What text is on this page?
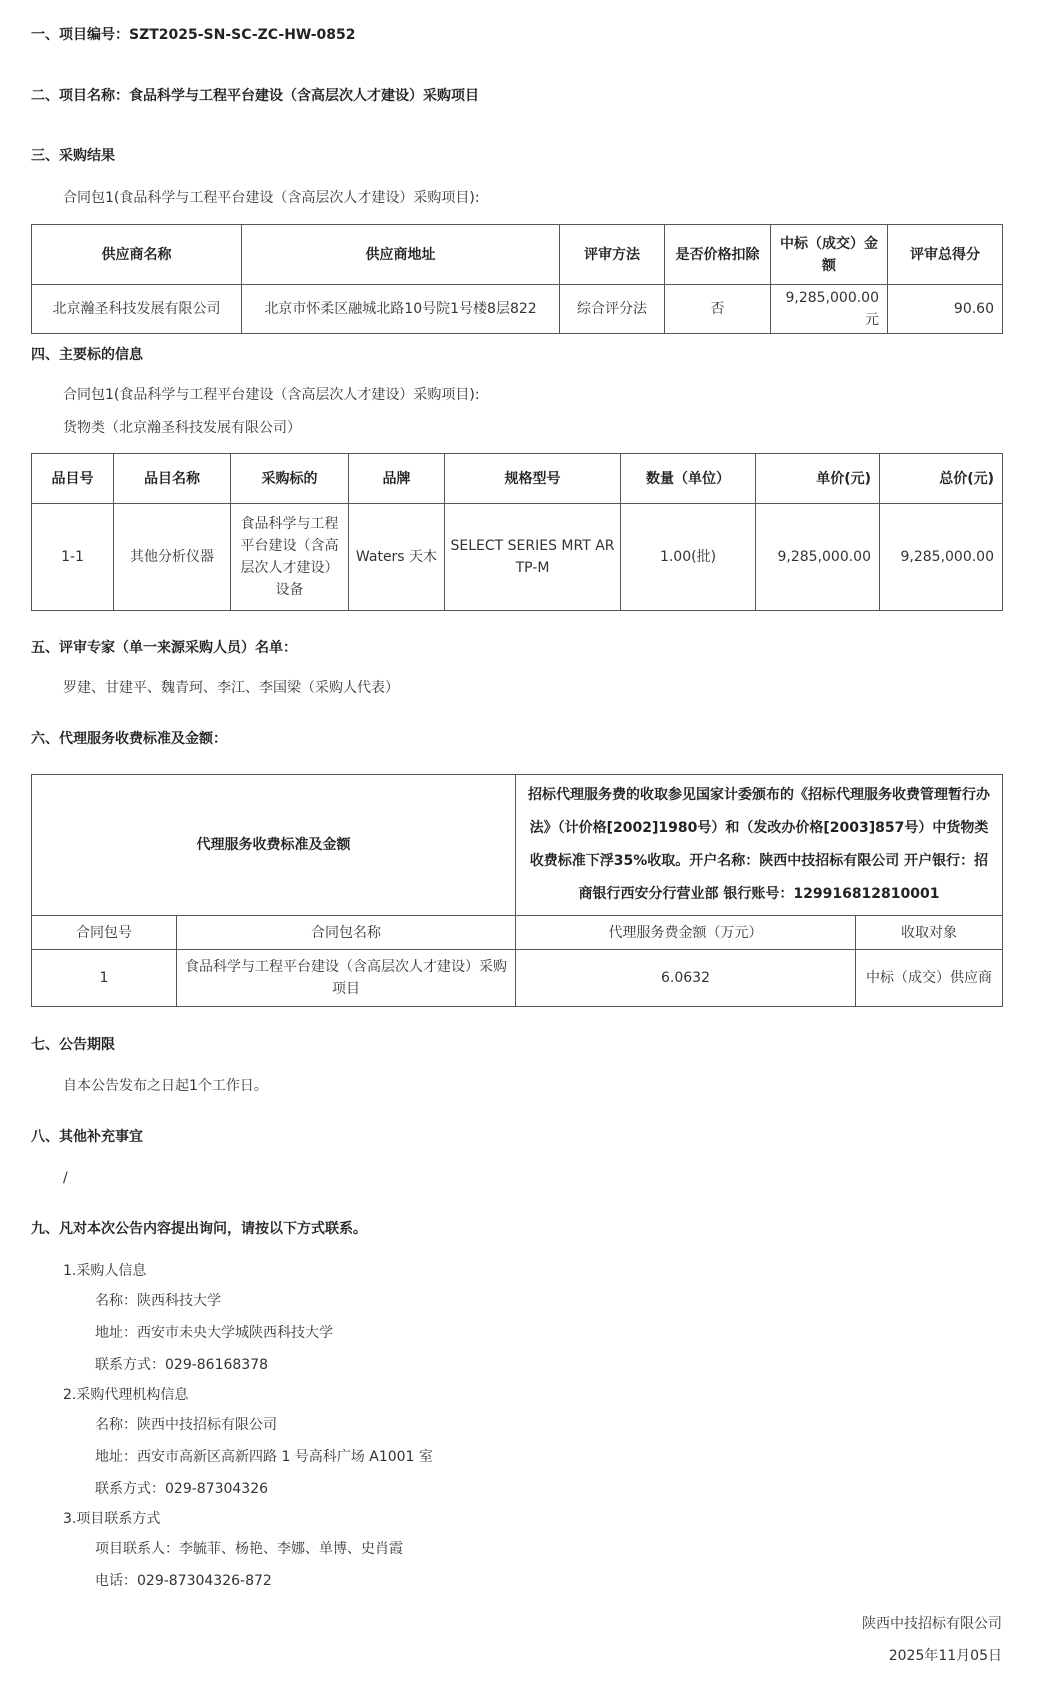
一、项目编号：SZT2025-SN-SC-ZC-HW-0852
二、项目名称：食品科学与工程平台建设（含高层次人才建设）采购项目
三、采购结果
合同包1(食品科学与工程平台建设（含高层次人才建设）采购项目):
供应商名称	供应商地址	评审方法	是否价格扣除	中标（成交）金额	评审总得分
北京瀚圣科技发展有限公司	北京市怀柔区融城北路10号院1号楼8层822	综合评分法	否	9,285,000.00元	90.60
四、主要标的信息
合同包1(食品科学与工程平台建设（含高层次人才建设）采购项目):
货物类（北京瀚圣科技发展有限公司）
品目号	品目名称	采购标的	品牌	规格型号	数量（单位）	单价(元)	总价(元)
1-1	其他分析仪器	食品科学与工程平台建设（含高层次人才建设）设备	Waters 天木	SELECT SERIES MRT ARTP-M	1.00(批)	9,285,000.00	9,285,000.00
五、评审专家（单一来源采购人员）名单：
罗建、甘建平、魏青珂、李江、李国梁（采购人代表）
六、代理服务收费标准及金额：
代理服务收费标准及金额		招标代理服务费的收取参见国家计委颁布的《招标代理服务收费管理暂行办法》（计价格[2002]1980号）和（发改办价格[2003]857号）中货物类收费标准下浮35%收取。开户名称：陕西中技招标有限公司 开户银行：招商银行西安分行营业部 银行账号：129916812810001	
合同包号	合同包名称	代理服务费金额（万元）	收取对象
1	食品科学与工程平台建设（含高层次人才建设）采购项目	6.0632	中标（成交）供应商
七、公告期限
自本公告发布之日起1个工作日。
八、其他补充事宜
/
九、凡对本次公告内容提出询问，请按以下方式联系。
1.采购人信息
名称：陕西科技大学
地址：西安市未央大学城陕西科技大学
联系方式：029-86168378
2.采购代理机构信息
名称：陕西中技招标有限公司
地址：西安市高新区高新四路 1 号高科广场 A1001 室
联系方式：029-87304326
3.项目联系方式
项目联系人：李毓菲、杨艳、李娜、单博、史肖霞
电话：029-87304326-872
陕西中技招标有限公司
2025年11月05日
